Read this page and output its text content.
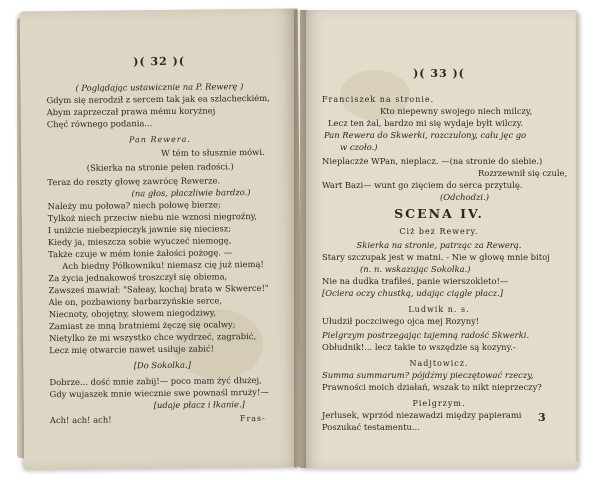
)( 32 )(
( Poglądając ustawicznie na P. Rewerę )
Gdym się nerodził z sercem tak jak ea szlacheckiém,
Abym zaprzeczał prawa mému koryżnej
Chęć równego podania...
Pan Rewera.
W tém to słusznie mówi.
(Skierka na stronie pełen radości.)
Teraz do reszty głowę zawrócę Rewerze.
(na głos, płaczliwie bardzo.)
Należy mu połowa? niech połowę bierze;
Tylkoż niech przeciw niebu nie wznosi niegroźny,
I uniżcie niebezpieczyk jawnie się nieciesz;
Kiedy ja, mieszcza sobie wyuczeć niemogę,
Także czuje w mém łonie żałości pożogę. —
Ach biedny Półkowniku! niemasz cię już niemą!
Za życia jednakowoś troszczył się obiema,
Zawsześ mawiał: "Sałeay, kochaj brata w Skwerce!"
Ale on, pozbawiony barbarzyńskie serce,
Niecnoty, obojętny, słowem niegodziwy,
Zamiast ze mną bratniemi żęczę się ocalwy;
Nietylko że mi wszystko chce wydrzeć, zagrabić,
Lecz mię otwarcie nawet usiłuje zabić!
[Do Sokolka.]
Dobrze... dość mnie zabij!— poco mam żyć dłużej,
Gdy wujaszek mnie wiecznie swe pownaśl mruży!—
[udaje płacz i łkanie.]
Ach! ach! ach!	Fras-
)( 33 )(
Franciszek na stronie.
Kto niepewny swojego niech milczy,
Lecz ten żal, bardzo mi się wydaje byłt wilczy.
Pan Rewera do Skwerki, rozczulony, cału jęc go
w czoło.)
Nieplaczże WPan, nieplacz. —(na stronie do siebie.)
Rozrzewnił się czule,
Wart Bazi— wunt go zięciem do serca przytulę.
(Odchodzi.)
SCENA IV.
Ciż bez Rewery.
Skierka na stronie, patrząc za Rewerą.
Stary szczupak jest w matni. - Nie w głowę mnie bitoj
(n. n. wskazując Sokolka.)
Nie na dudka trafiłeś, panie wierszokleto!—
[Ociera oczy chustką, udając ciągle płacz.]
Ludwik n. s.
Ułudził poczciwego ojca mej Rozyny!
Pielgrzym postrzegając tajemną radość Skwerki.
Obłudnik!... lecz takie to wszędzie są kozyny.-
Nadjtowicz.
Summa summarum? pójdźmy pieczętować rzeczy,
Prawności moich działań, wszak to nikt nieprzeczy?
Pielgrzym.
Jerlusek, wprzód niezawadzi między papierami
Poszukać testamentu...
3
